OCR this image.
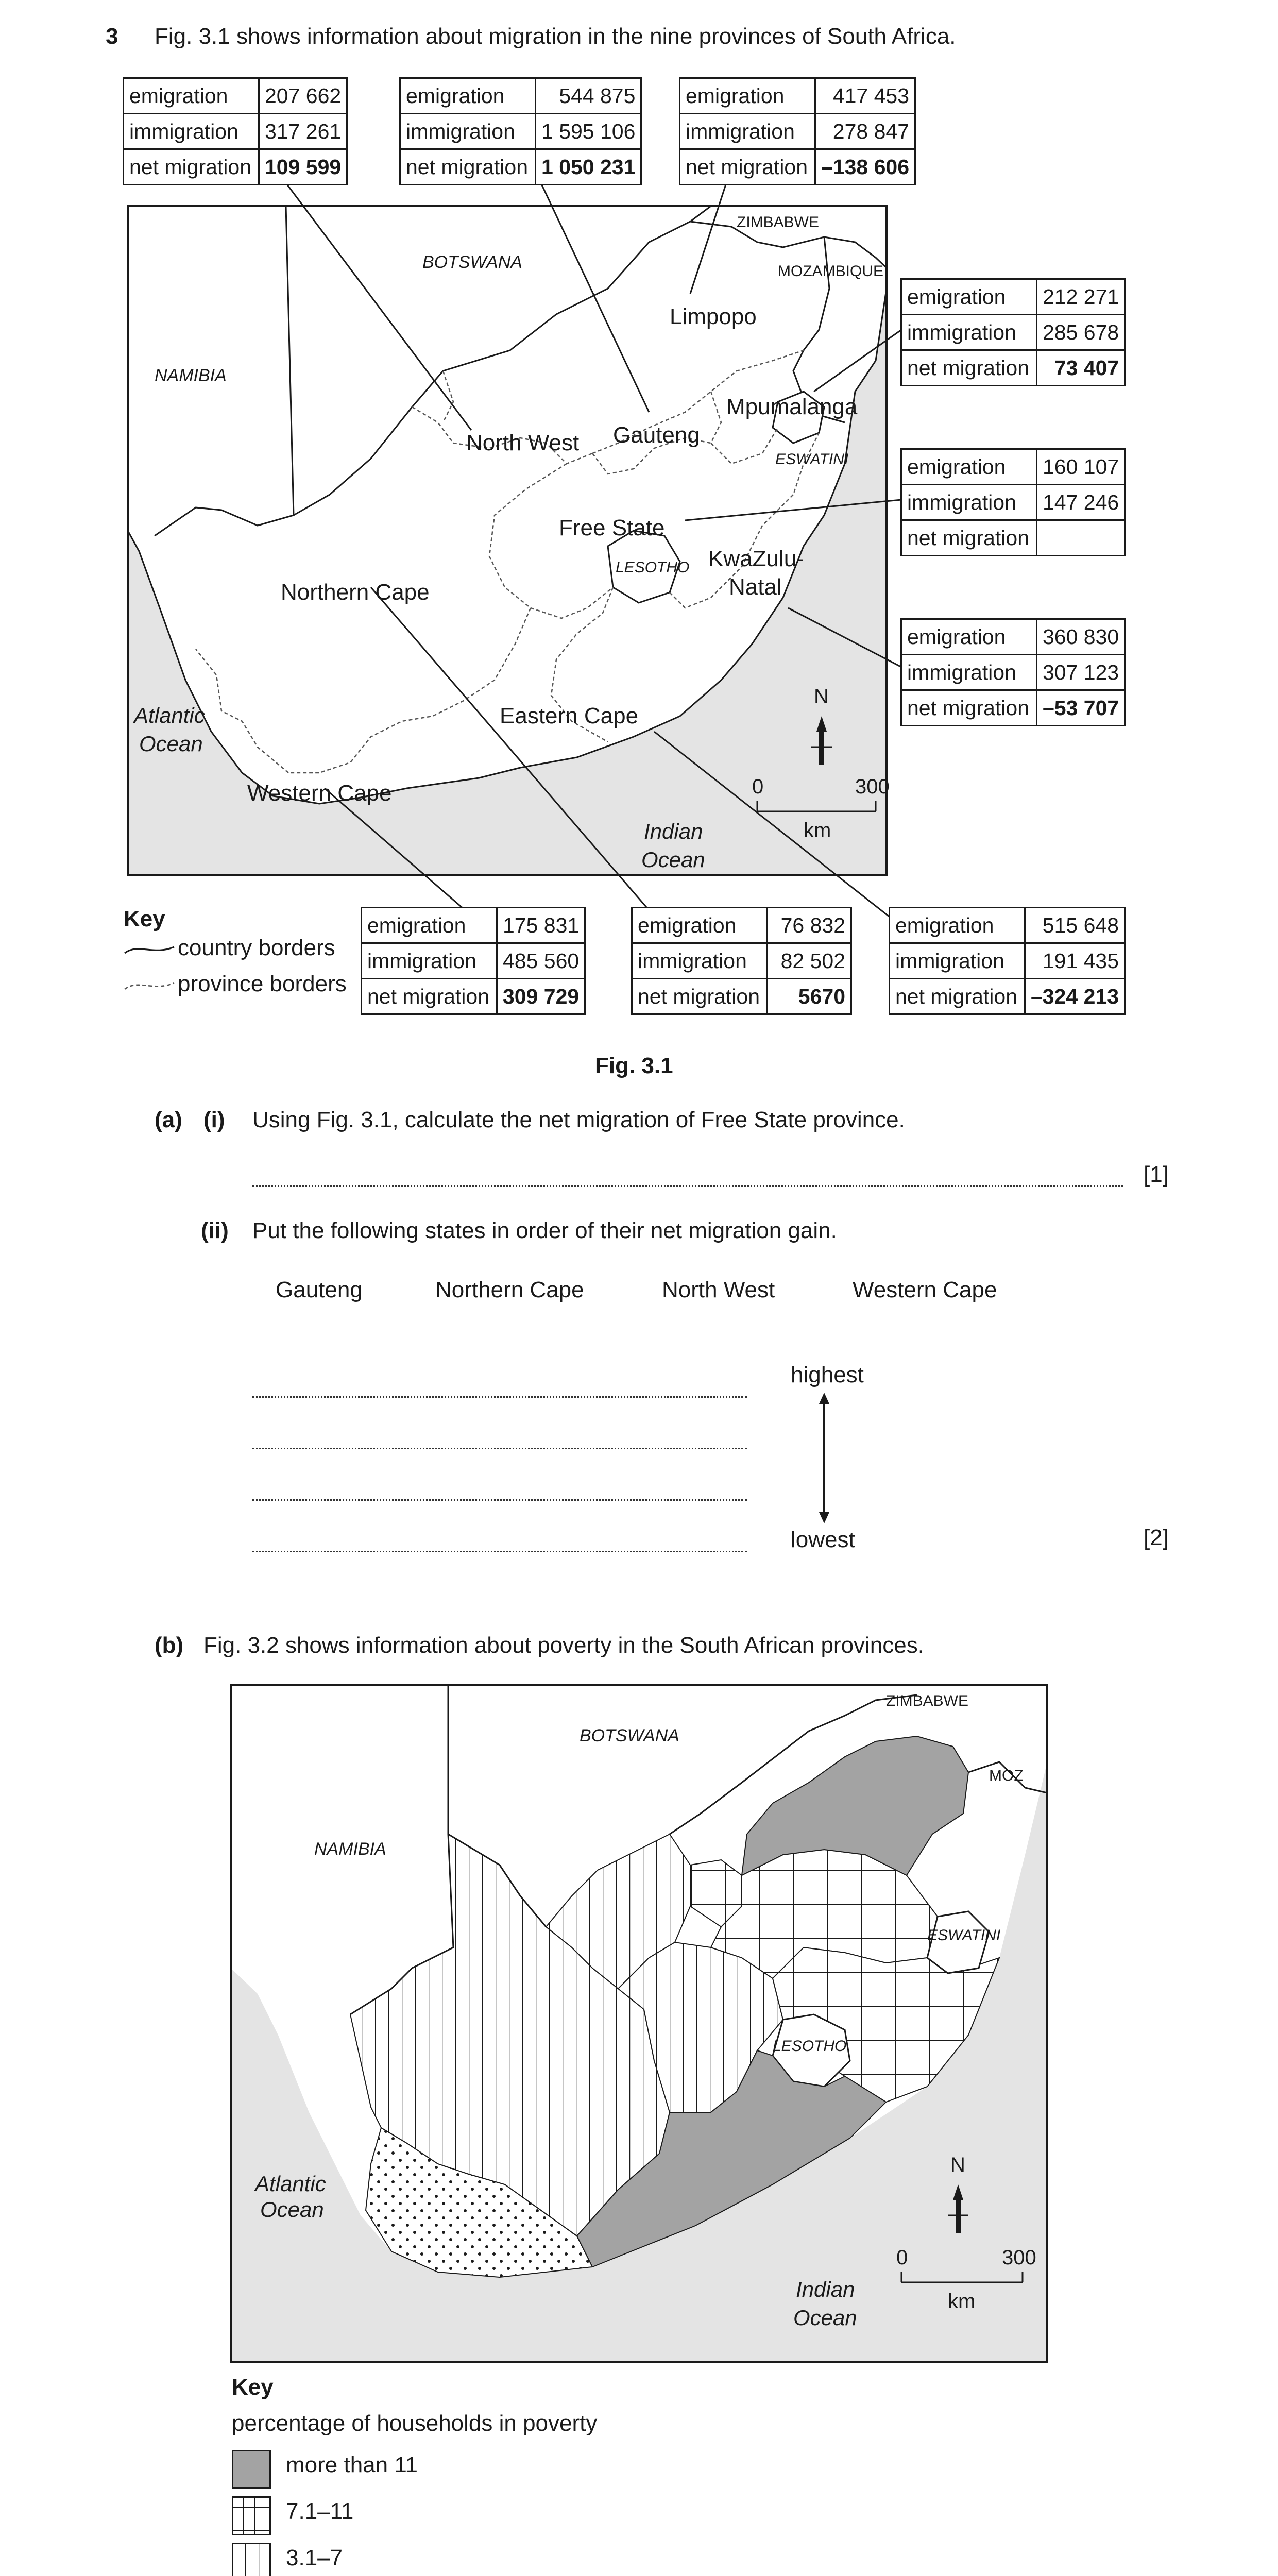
3 Fig. 3.1 shows information about migration in the nine provinces of South Africa.
BOTSWANA
NAMIBIA
ZIMBABWE
MOZAMBIQUE
ESWATINI
LESOTHO
Limpopo
Mpumalanga
North West Gauteng
Free State
KwaZulu-
Natal
Northern Cape
Eastern Cape
Western Cape
Atlantic
Ocean
Indian
Ocean
N
0	300
km
emigration	207 662
immigration	317 261
net migration	109 599
emigration	544 875
immigration	1 595 106
net migration	1 050 231
emigration	417 453
immigration	278 847
net migration	–138 606
emigration	212 271
immigration	285 678
net migration	73 407
emigration	160 107
immigration	147 246
net migration	
emigration	360 830
immigration	307 123
net migration	–53 707
emigration	175 831
immigration	485 560
net migration	309 729
emigration	76 832
immigration	82 502
net migration	5670
emigration	515 648
immigration	191 435
net migration	–324 213
Key
country borders
province borders
Fig. 3.1
(a) (i) Using Fig. 3.1, calculate the net migration of Free State province.
[1]
(ii) Put the following states in order of their net migration gain.
Gauteng	Northern Cape	North West	Western Cape
highest
lowest	[2]
(b) Fig. 3.2 shows information about poverty in the South African provinces.
BOTSWANA
NAMIBIA
ZIMBABWE
MOZ
ESWATINI
LESOTHO
Atlantic
Ocean
Indian
Ocean
N
0	300
km
Key
percentage of households in poverty
more than 11
7.1–11
3.1–7
